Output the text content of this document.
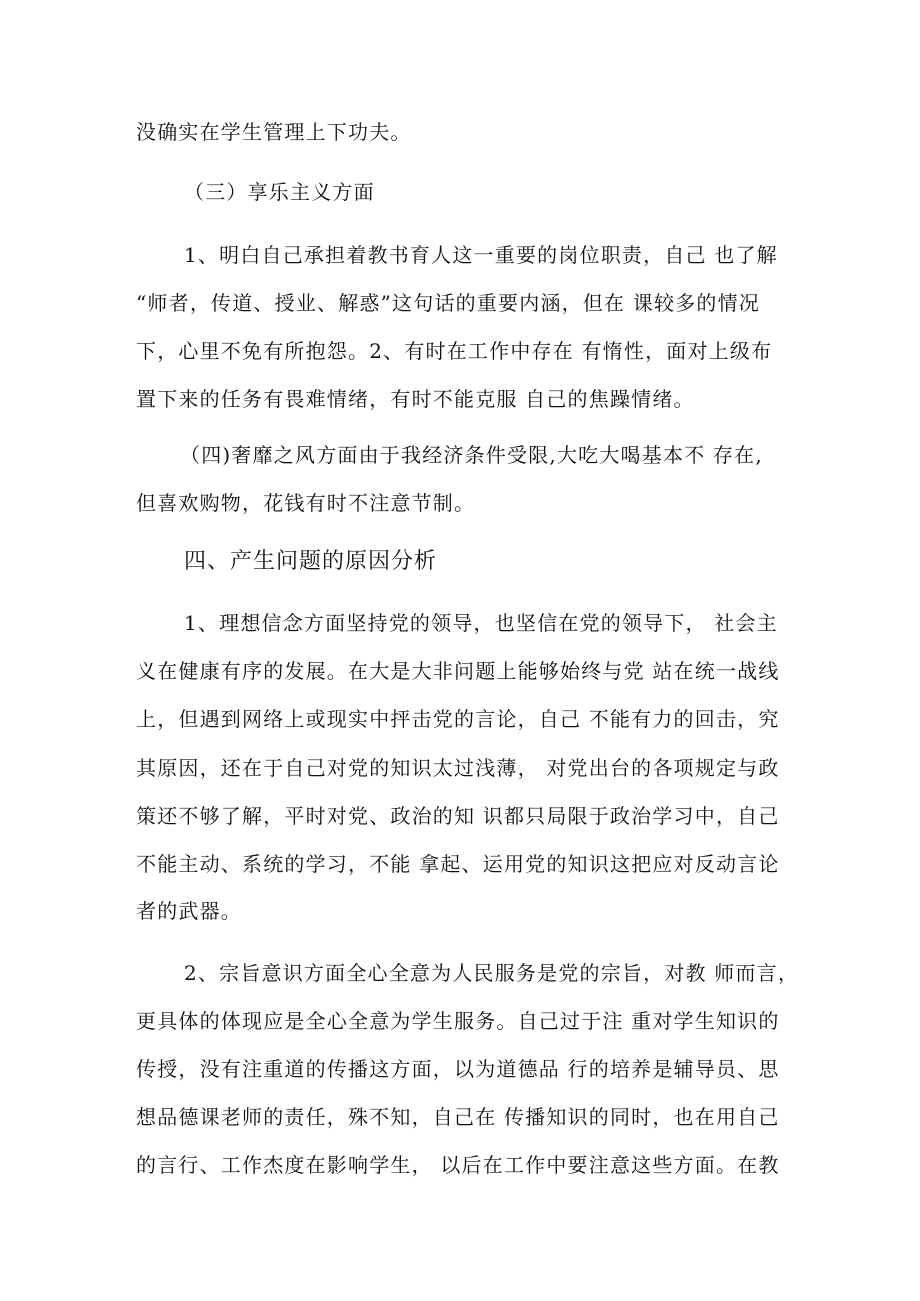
没确实在学生管理上下功夫。
（三）享乐主义方面
1、明白自己承担着教书育人这一重要的岗位职责，自己 也了解
“师者，传道、授业、解惑”这句话的重要内涵，但在 课较多的情况
下，心里不免有所抱怨。2、有时在工作中存在 有惰性，面对上级布
置下来的任务有畏难情绪，有时不能克服 自己的焦躁情绪。
（四)奢靡之风方面由于我经济条件受限,大吃大喝基本不 存在,
但喜欢购物，花钱有时不注意节制。
四、产生问题的原因分析
1、理想信念方面坚持党的领导，也坚信在党的领导下， 社会主
义在健康有序的发展。在大是大非问题上能够始终与党 站在统一战线
上，但遇到网络上或现实中抨击党的言论，自己 不能有力的回击，究
其原因，还在于自己对党的知识太过浅薄， 对党出台的各项规定与政
策还不够了解，平时对党、政治的知 识都只局限于政治学习中，自己
不能主动、系统的学习，不能 拿起、运用党的知识这把应对反动言论
者的武器。
2、宗旨意识方面全心全意为人民服务是党的宗旨，对教 师而言，
更具体的体现应是全心全意为学生服务。自己过于注 重对学生知识的
传授，没有注重道的传播这方面，以为道德品 行的培养是辅导员、思
想品德课老师的责任，殊不知，自己在 传播知识的同时，也在用自己
的言行、工作杰度在影响学生， 以后在工作中要注意这些方面。在教
